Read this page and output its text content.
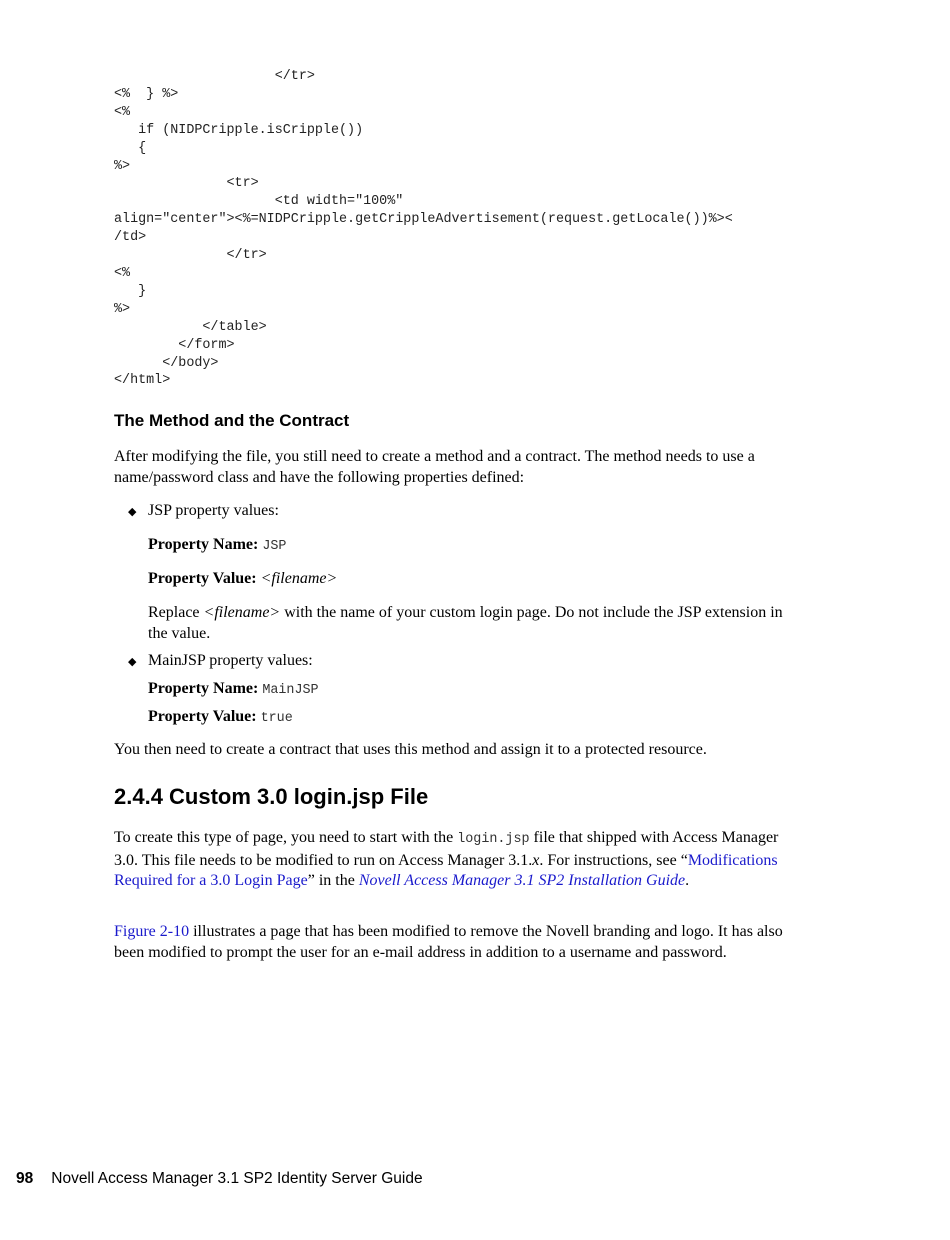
</tr>
<%  } %>
<%
if (NIDPCripple.isCripple())
{
%>
<tr>
<td width="100%"
align="center"><%=NIDPCripple.getCrippleAdvertisement(request.getLocale())%><
/td>
</tr>
<%
}
%>
</table>
</form>
</body>
</html>
The Method and the Contract

After modifying the file, you still need to create a method and a contract. The method needs to use a name/password class and have the following properties defined:

◆ JSP property values:

Property Name: JSP

Property Value: <filename>

Replace <filename> with the name of your custom login page. Do not include the JSP extension in the value.

◆ MainJSP property values:

Property Name: MainJSP

Property Value: true

You then need to create a contract that uses this method and assign it to a protected resource.

2.4.4 Custom 3.0 login.jsp File

To create this type of page, you need to start with the login.jsp file that shipped with Access Manager 3.0. This file needs to be modified to run on Access Manager 3.1.x. For instructions, see “Modifications Required for a 3.0 Login Page” in the Novell Access Manager 3.1 SP2 Installation Guide.

Figure 2-10 illustrates a page that has been modified to remove the Novell branding and logo. It has also been modified to prompt the user for an e-mail address in addition to a username and password.

98 Novell Access Manager 3.1 SP2 Identity Server Guide
